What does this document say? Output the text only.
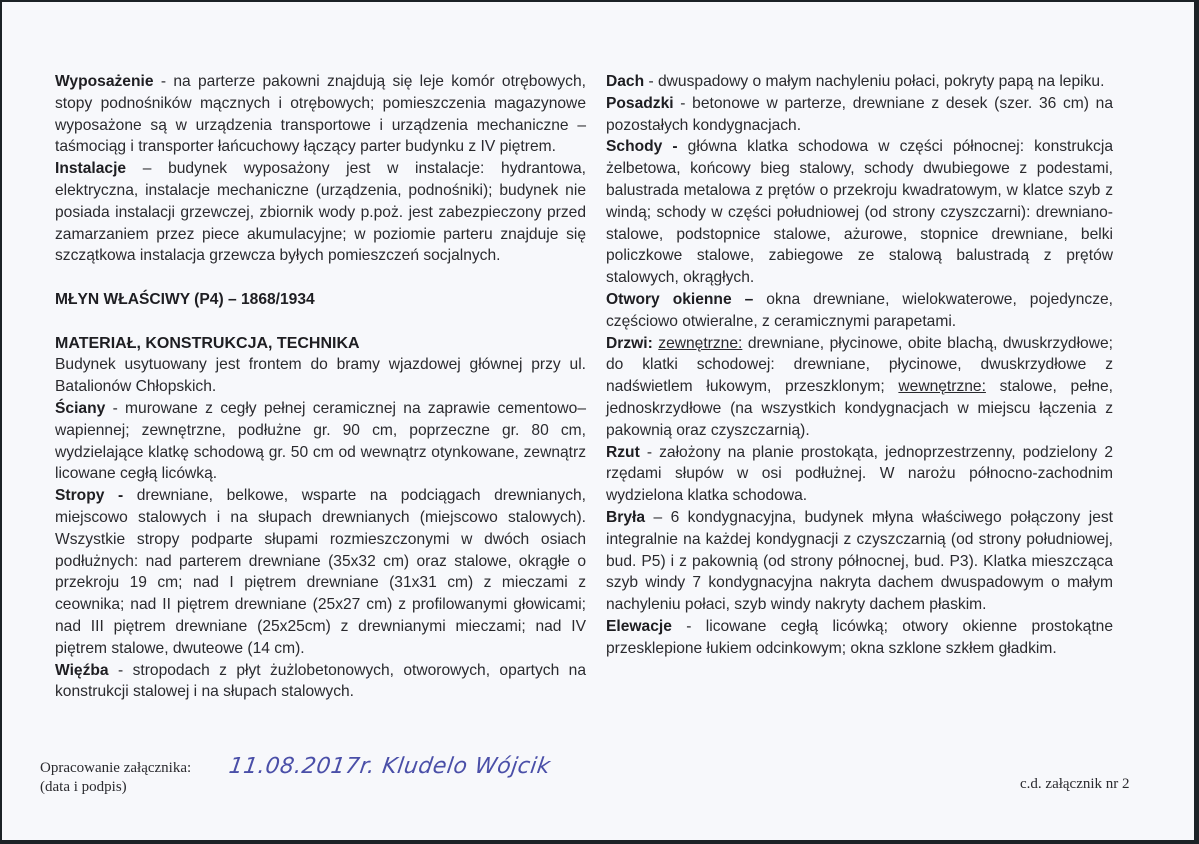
Wyposażenie - na parterze pakowni znajdują się leje komór otrębowych, stopy podnośników mącznych i otrębowych; pomieszczenia magazynowe wyposażone są w urządzenia transportowe i urządzenia mechaniczne – taśmociąg i transporter łańcuchowy łączący parter budynku z IV piętrem.

Instalacje – budynek wyposażony jest w instalacje: hydrantowa, elektryczna, instalacje mechaniczne (urządzenia, podnośniki); budynek nie posiada instalacji grzewczej, zbiornik wody p.poż. jest zabezpieczony przed zamarzaniem przez piece akumulacyjne; w poziomie parteru znajduje się szczątkowa instalacja grzewcza byłych pomieszczeń socjalnych.

MŁYN WŁAŚCIWY (P4) – 1868/1934

MATERIAŁ, KONSTRUKCJA, TECHNIKA

Budynek usytuowany jest frontem do bramy wjazdowej głównej przy ul. Batalionów Chłopskich.

Ściany - murowane z cegły pełnej ceramicznej na zaprawie cementowo–wapiennej; zewnętrzne, podłużne gr. 90 cm, poprzeczne gr. 80 cm, wydzielające klatkę schodową gr. 50 cm od wewnątrz otynkowane, zewnątrz licowane cegłą licówką.

Stropy - drewniane, belkowe, wsparte na podciągach drewnianych, miejscowo stalowych i na słupach drewnianych (miejscowo stalowych). Wszystkie stropy podparte słupami rozmieszczonymi w dwóch osiach podłużnych: nad parterem drewniane (35x32 cm) oraz stalowe, okrągłe o przekroju 19 cm; nad I piętrem drewniane (31x31 cm) z mieczami z ceownika; nad II piętrem drewniane (25x27 cm) z profilowanymi głowicami; nad III piętrem drewniane (25x25cm) z drewnianymi mieczami; nad IV piętrem stalowe, dwuteowe (14 cm).

Więźba - stropodach z płyt żużlobetonowych, otworowych, opartych na konstrukcji stalowej i na słupach stalowych.

Dach - dwuspadowy o małym nachyleniu połaci, pokryty papą na lepiku.

Posadzki - betonowe w parterze, drewniane z desek (szer. 36 cm) na pozostałych kondygnacjach.

Schody - główna klatka schodowa w części północnej: konstrukcja żelbetowa, końcowy bieg stalowy, schody dwubiegowe z podestami, balustrada metalowa z prętów o przekroju kwadratowym, w klatce szyb z windą; schody w części południowej (od strony czyszczarni): drewniano-stalowe, podstopnice stalowe, ażurowe, stopnice drewniane, belki policzkowe stalowe, zabiegowe ze stalową balustradą z prętów stalowych, okrągłych.

Otwory okienne – okna drewniane, wielokwaterowe, pojedyncze, częściowo otwieralne, z ceramicznymi parapetami.

Drzwi: zewnętrzne: drewniane, płycinowe, obite blachą, dwuskrzydłowe; do klatki schodowej: drewniane, płycinowe, dwuskrzydłowe z nadświetlem łukowym, przeszklonym; wewnętrzne: stalowe, pełne, jednoskrzydłowe (na wszystkich kondygnacjach w miejscu łączenia z pakownią oraz czyszczarnią).

Rzut - założony na planie prostokąta, jednoprzestrzenny, podzielony 2 rzędami słupów w osi podłużnej. W narożu północno-zachodnim wydzielona klatka schodowa.

Bryła – 6 kondygnacyjna, budynek młyna właściwego połączony jest integralnie na każdej kondygnacji z czyszczarnią (od strony południowej, bud. P5) i z pakownią (od strony północnej, bud. P3). Klatka mieszcząca szyb windy 7 kondygnacyjna nakryta dachem dwuspadowym o małym nachyleniu połaci, szyb windy nakryty dachem płaskim.

Elewacje - licowane cegłą licówką; otwory okienne prostokątne przesklepione łukiem odcinkowym; okna szklone szkłem gładkim.

Opracowanie załącznika:
(data i podpis)
11.08.2017r. Kludelo Wójcik
c.d. załącznik nr 2
